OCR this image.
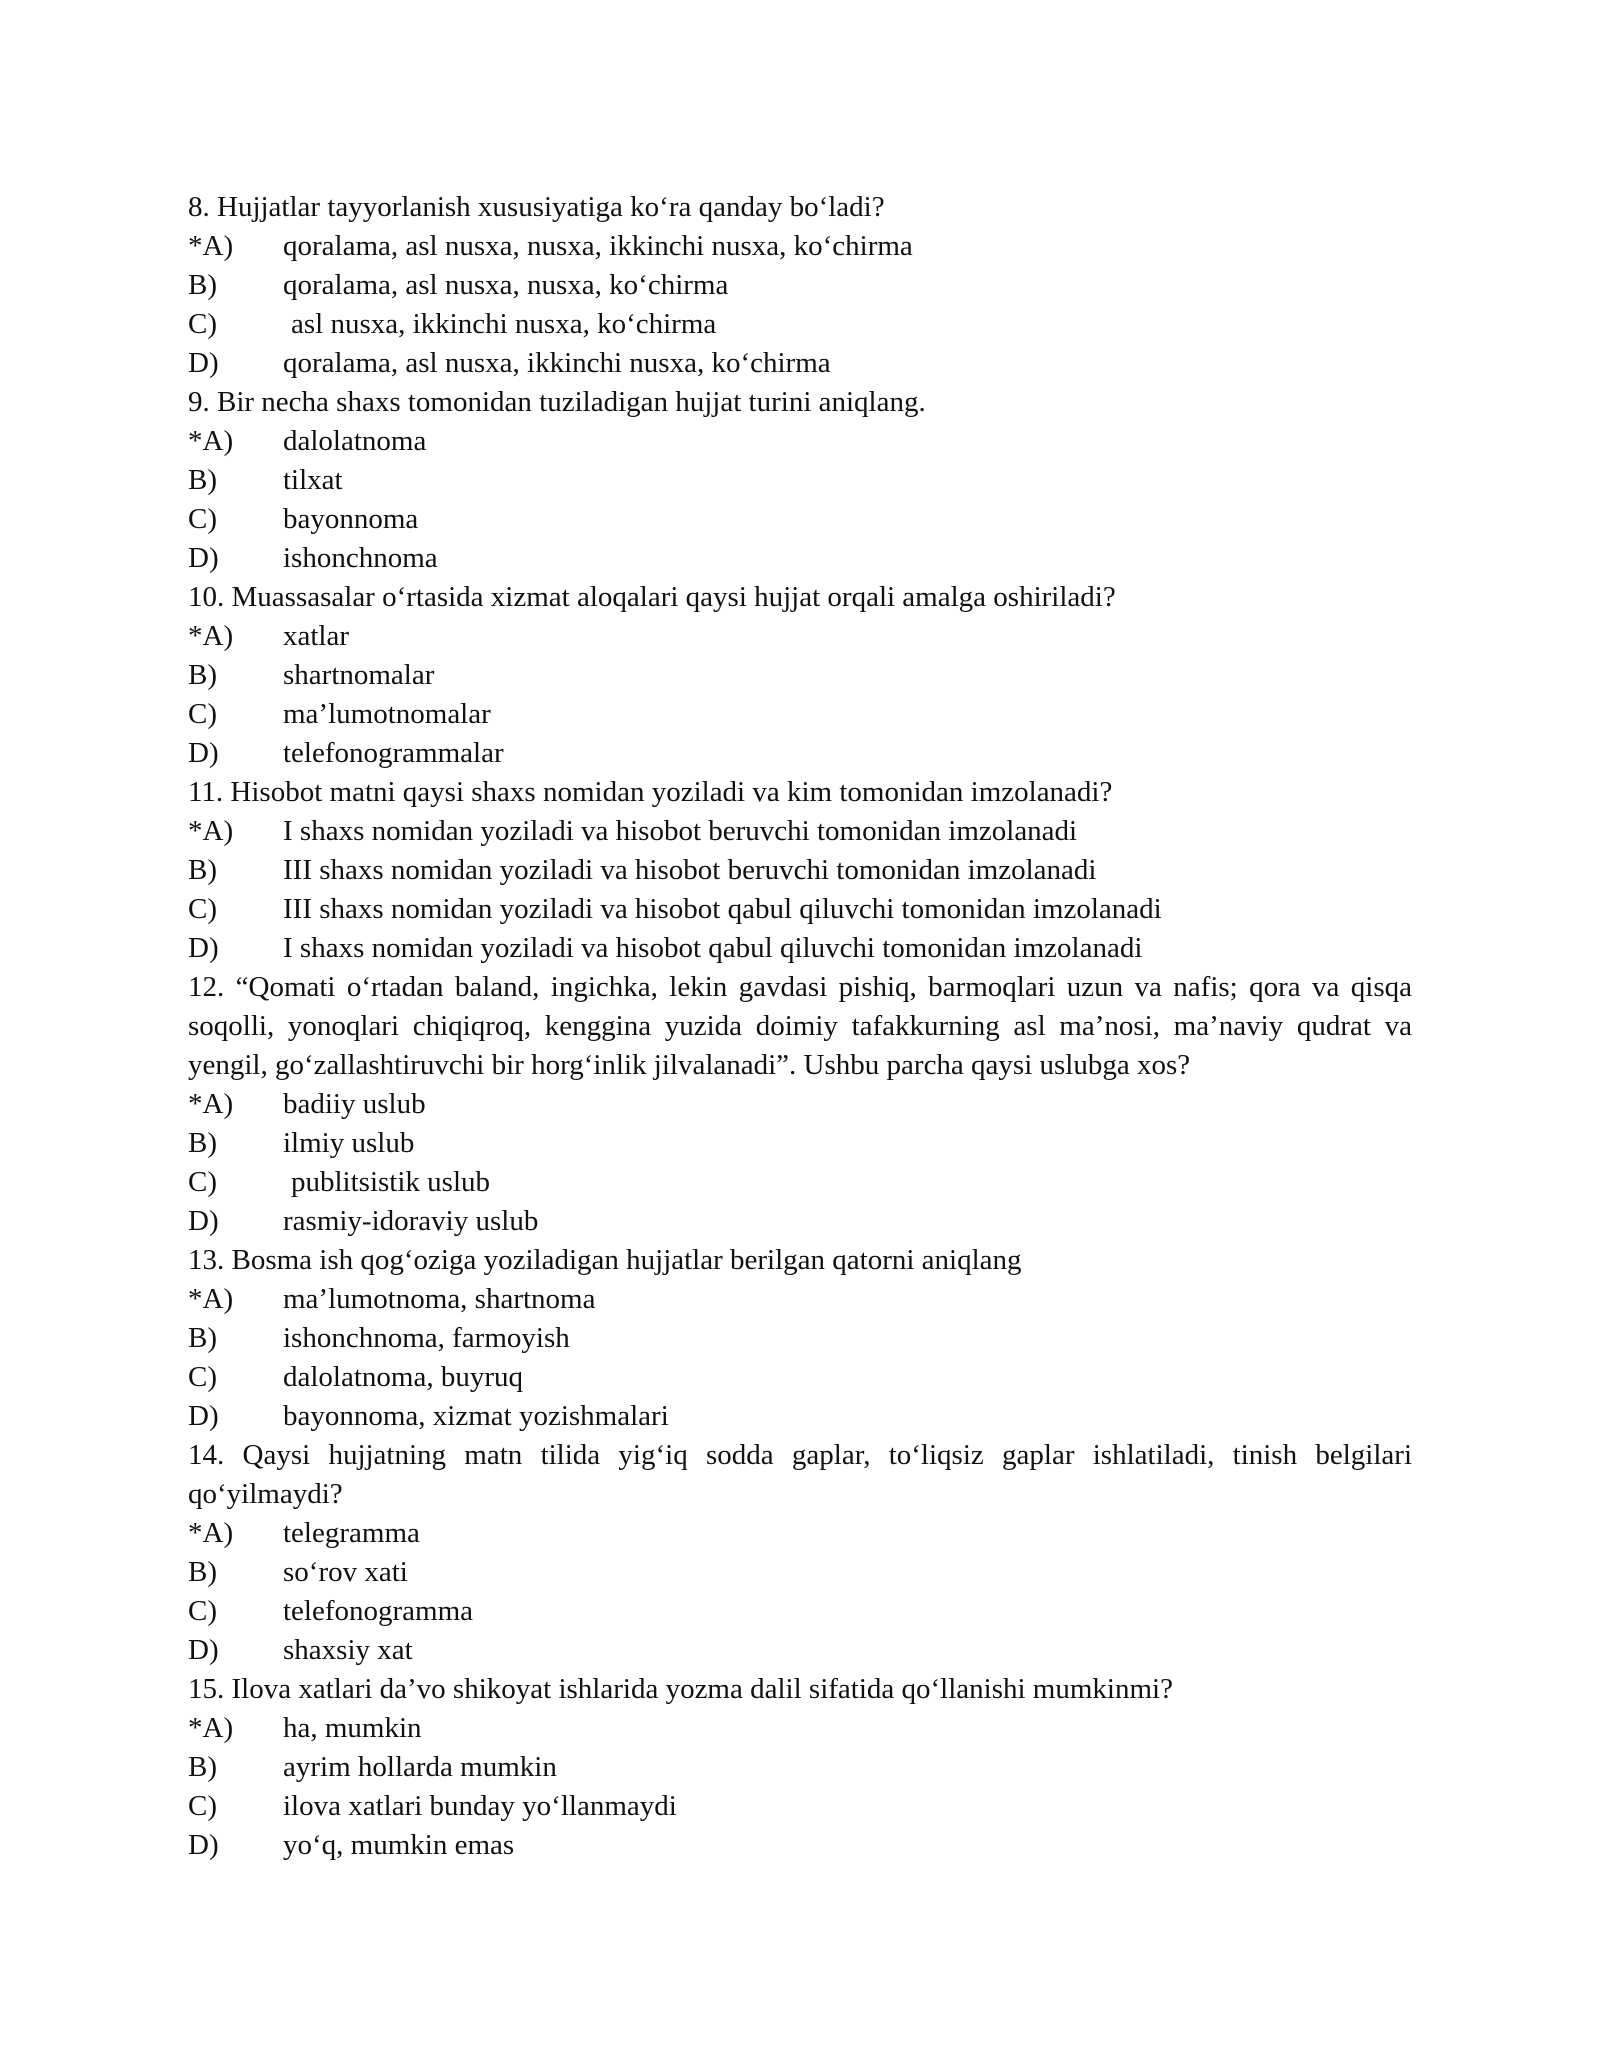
8. Hujjatlar tayyorlanish xususiyatiga ko‘ra qanday bo‘ladi?

*A)	qoralama, asl nusxa, nusxa, ikkinchi nusxa, ko‘chirma
B)	qoralama, asl nusxa, nusxa, ko‘chirma
C)	asl nusxa, ikkinchi nusxa, ko‘chirma
D)	qoralama, asl nusxa, ikkinchi nusxa, ko‘chirma

9. Bir necha shaxs tomonidan tuziladigan hujjat turini aniqlang.

*A)	dalolatnoma
B)	tilxat
C)	bayonnoma
D)	ishonchnoma

10. Muassasalar o‘rtasida xizmat aloqalari qaysi hujjat orqali amalga oshiriladi?

*A)	xatlar
B)	shartnomalar
C)	ma’lumotnomalar
D)	telefonogrammalar

11. Hisobot matni qaysi shaxs nomidan yoziladi va kim tomonidan imzolanadi?

*A)	I shaxs nomidan yoziladi va hisobot beruvchi tomonidan imzolanadi
B)	III shaxs nomidan yoziladi va hisobot beruvchi tomonidan imzolanadi
C)	III shaxs nomidan yoziladi va hisobot qabul qiluvchi tomonidan imzolanadi
D)	I shaxs nomidan yoziladi va hisobot qabul qiluvchi tomonidan imzolanadi

12. “Qomati o‘rtadan baland, ingichka, lekin gavdasi pishiq, barmoqlari uzun va nafis; qora va qisqa soqolli, yonoqlari chiqiqroq, kenggina yuzida doimiy tafakkurning asl ma’nosi, ma’naviy qudrat va yengil, go‘zallashtiruvchi bir horg‘inlik jilvalanadi”. Ushbu parcha qaysi uslubga xos?

*A)	badiiy uslub
B)	ilmiy uslub
C)	publitsistik uslub
D)	rasmiy-idoraviy uslub

13. Bosma ish qog‘oziga yoziladigan hujjatlar berilgan qatorni aniqlang

*A)	ma’lumotnoma, shartnoma
B)	ishonchnoma, farmoyish
C)	dalolatnoma, buyruq
D)	bayonnoma, xizmat yozishmalari

14. Qaysi hujjatning matn tilida yig‘iq sodda gaplar, to‘liqsiz gaplar ishlatiladi, tinish belgilari qo‘yilmaydi?

*A)	telegramma
B)	so‘rov xati
C)	telefonogramma
D)	shaxsiy xat

15. Ilova xatlari da’vo shikoyat ishlarida yozma dalil sifatida qo‘llanishi mumkinmi?

*A)	ha, mumkin
B)	ayrim hollarda mumkin
C)	ilova xatlari bunday yo‘llanmaydi
D)	yo‘q, mumkin emas
